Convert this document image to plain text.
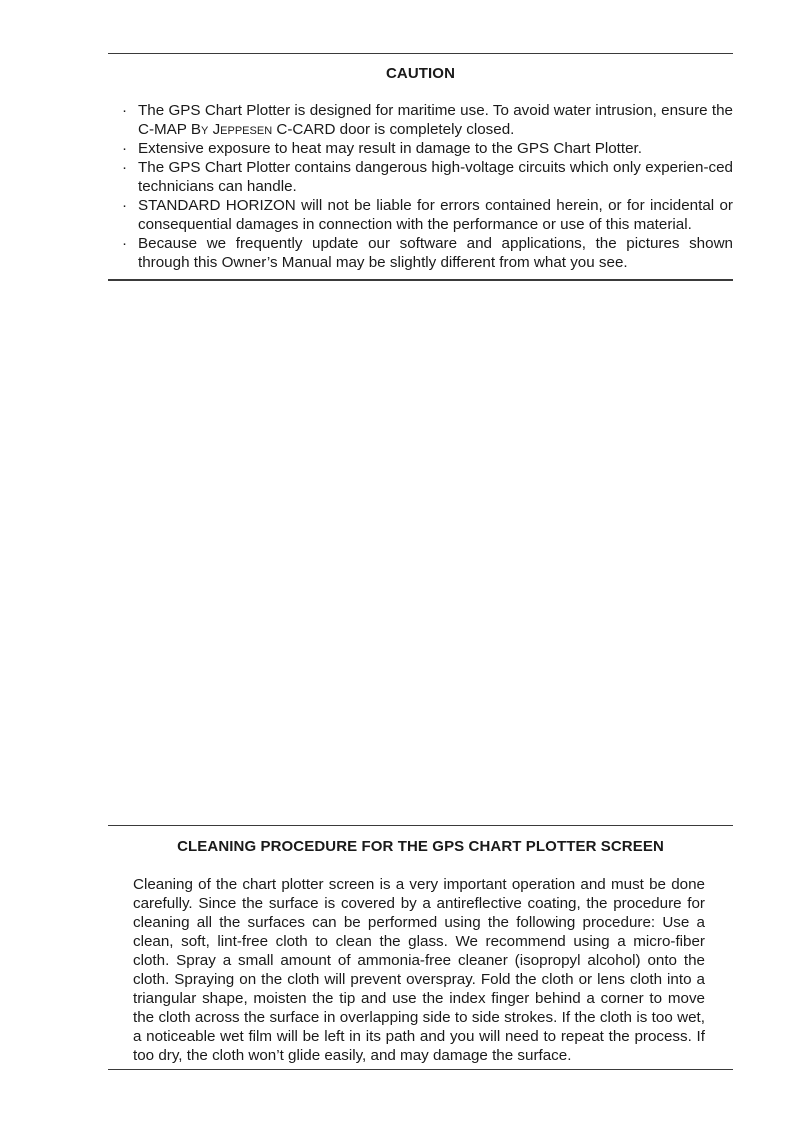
CAUTION
· The GPS Chart Plotter is designed for maritime use. To avoid water intrusion, ensure the C-MAP By Jeppesen C-CARD door is completely closed.
· Extensive exposure to heat may result in damage to the GPS Chart Plotter.
· The GPS Chart Plotter contains dangerous high-voltage circuits which only experien-ced technicians can handle.
· STANDARD HORIZON will not be liable for errors contained herein, or for incidental or consequential damages in connection with the performance or use of this material.
· Because we frequently update our software and applications, the pictures shown through this Owner’s Manual may be slightly different from what you see.
CLEANING PROCEDURE FOR THE GPS CHART PLOTTER SCREEN

Cleaning of the chart plotter screen is a very important operation and must be done carefully. Since the surface is covered by a antireflective coating, the procedure for cleaning all the surfaces can be performed using the following procedure: Use a clean, soft, lint-free cloth to clean the glass. We recommend using a micro-fiber cloth. Spray a small amount of ammonia-free cleaner (isopropyl alcohol) onto the cloth. Spraying on the cloth will prevent overspray. Fold the cloth or lens cloth into a triangular shape, moisten the tip and use the index finger behind a corner to move the cloth across the surface in overlapping side to side strokes. If the cloth is too wet, a noticeable wet film will be left in its path and you will need to repeat the process. If too dry, the cloth won’t glide easily, and may damage the surface.
